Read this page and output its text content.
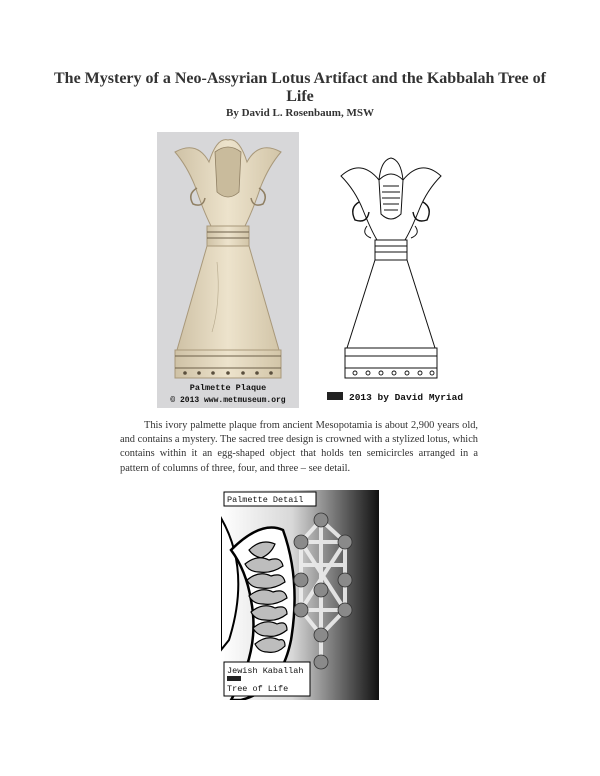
The Mystery of a Neo-Assyrian Lotus Artifact and the Kabbalah Tree of Life
By David L. Rosenbaum, MSW
Palmette Plaque
© 2013 www.metmuseum.org	2013 by David Myriad

This ivory palmette plaque from ancient Mesopotamia is about 2,900 years old, and contains a mystery. The sacred tree design is crowned with a stylized lotus, which contains within it an egg-shaped object that holds ten semicircles arranged in a pattern of columns of three, four, and three – see detail.

Palmette Detail
Jewish Kaballah
Tree of Life
